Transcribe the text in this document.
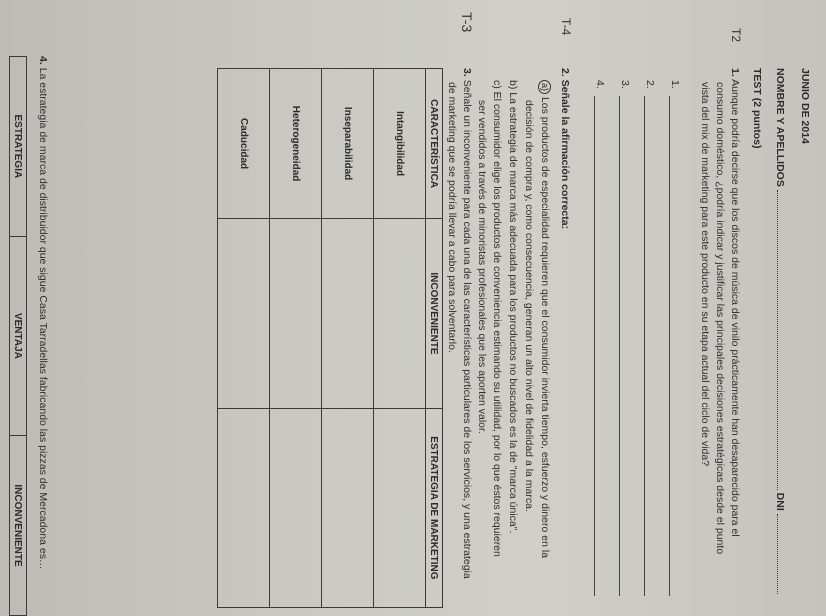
JUNIO DE 2014
NOMBRE Y APELLIDOS  DNI
TEST (2 puntos)
T2
1. Aunque podría decirse que los discos de música de vinilo prácticamente han desaparecido para el
consumo doméstico, ¿podría indicar y justificar las principales decisiones estratégicas desde el punto
vista del mix de marketing para este producto en su etapa actual del ciclo de vida?
1.
2.
3.
4.
T-4
2. Señale la afirmación correcta:
a) Los productos de especialidad requieren que el consumidor invierta tiempo, esfuerzo y dinero en la
decisión de compra y, como consecuencia, generan un alto nivel de fidelidad a la marca.
b) La estrategia de marca más adecuada para los productos no buscados es la de "marca única".
c) El consumidor elige los productos de conveniencia estimando su utilidad, por lo que éstos requieren
ser vendidos a través de minoristas profesionales que les aporten valor.
T-3
3. Señale un inconveniente para cada una de las características particulares de los servicios, y una estrategia
de marketing que se podría llevar a cabo para solventarlo.
CARACTERÍSTICA	INCONVENIENTE	ESTRATEGIA DE MARKETING
Intangibilidad		
Inseparabilidad		
Heterogeneidad		
Caducidad		
4. La estrategia de marca de distribuidor que sigue Casa Tarradellas fabricando las pizzas de Mercadona es…
ESTRATEGIA	VENTAJA	INCONVENIENTE
